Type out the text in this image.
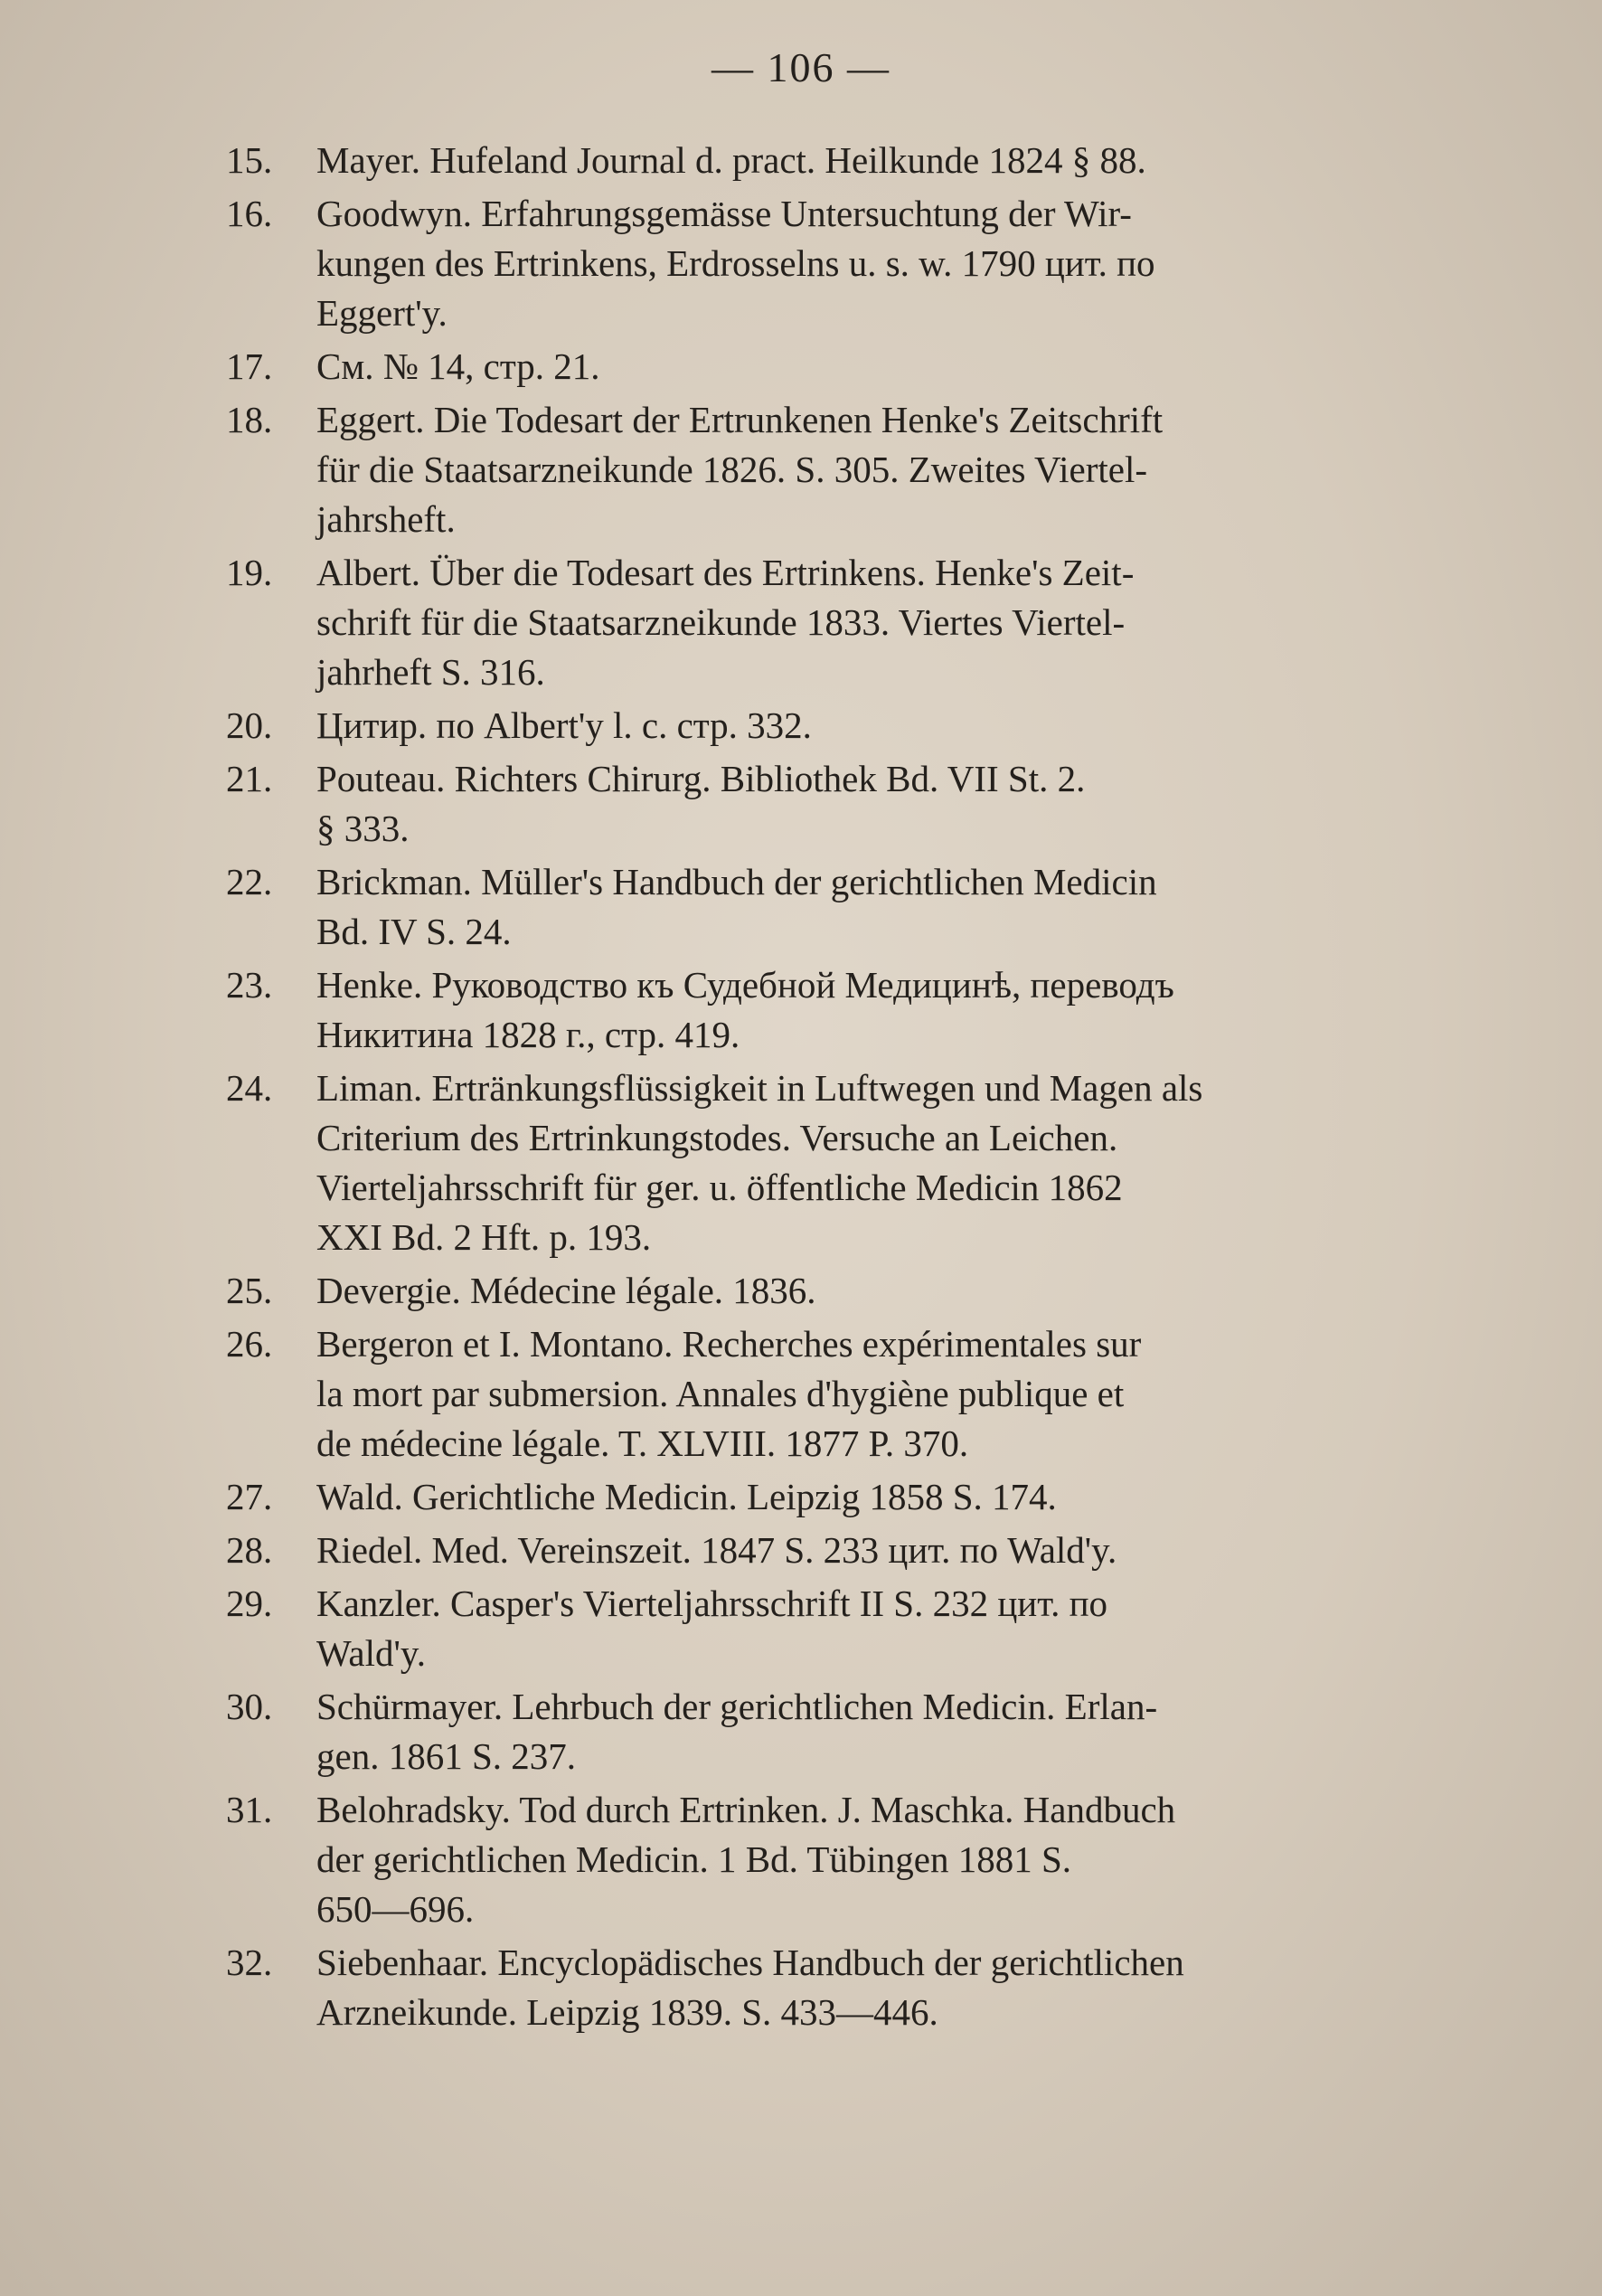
— 106 —
15.	Mayer. Hufeland Journal d. pract. Heilkunde 1824 § 88.
16.	Goodwyn. Erfahrungsgemässe Untersuchtung der Wir-
kungen des Ertrinkens, Erdrosselns u. s. w. 1790 цит. по
Eggert'y.
17.	См. № 14, стр. 21.
18.	Eggert. Die Todesart der Ertrunkenen Henke's Zeitschrift
für die Staatsarzneikunde 1826. S. 305. Zweites Viertel-
jahrsheft.
19.	Albert. Über die Todesart des Ertrinkens. Henke's Zeit-
schrift für die Staatsarzneikunde 1833. Viertes Viertel-
jahrheft S. 316.
20.	Цитир. по Albert'y l. c. стр. 332.
21.	Pouteau. Richters Chirurg. Bibliothek Bd. VII St. 2.
§ 333.
22.	Brickman. Müller's Handbuch der gerichtlichen Medicin
Bd. IV S. 24.
23.	Henke. Руководство къ Судебной Медицинѣ, переводъ
Никитина 1828 г., стр. 419.
24.	Liman. Ertränkungsflüssigkeit in Luftwegen und Magen als
Criterium des Ertrinkungstodes. Versuche an Leichen.
Vierteljahrsschrift für ger. u. öffentliche Medicin 1862
XXI Bd. 2 Hft. p. 193.
25.	Devergie. Médecine légale. 1836.
26.	Bergeron et I. Montano. Recherches expérimentales sur
la mort par submersion. Annales d'hygiène publique et
de médecine légale. T. XLVIII. 1877 P. 370.
27.	Wald. Gerichtliche Medicin. Leipzig 1858 S. 174.
28.	Riedel. Med. Vereinszeit. 1847 S. 233 цит. по Wald'y.
29.	Kanzler. Casper's Vierteljahrsschrift II S. 232 цит. по
Wald'y.
30.	Schürmayer. Lehrbuch der gerichtlichen Medicin. Erlan-
gen. 1861 S. 237.
31.	Belohradsky. Tod durch Ertrinken. J. Maschka. Handbuch
der gerichtlichen Medicin. 1 Bd. Tübingen 1881 S.
650—696.
32.	Siebenhaar. Encyclopädisches Handbuch der gerichtlichen
Arzneikunde. Leipzig 1839. S. 433—446.
